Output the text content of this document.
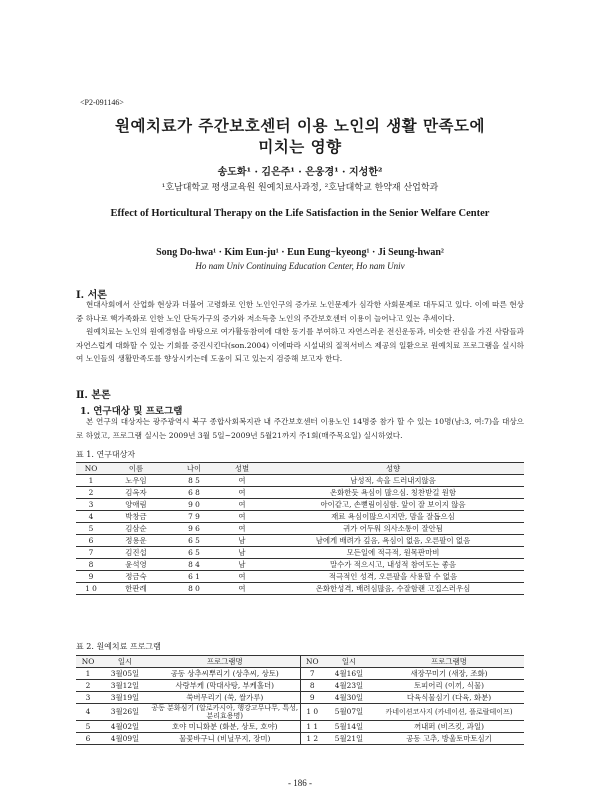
<P2-091146>
원예치료가 주간보호센터 이용 노인의 생활 만족도에
미치는 영향
송도화¹ · 김은주¹ · 은웅경¹ · 지성한²
¹호남대학교 평생교육원 원예치료사과정, ²호남대학교 한약재 산업학과
Effect of Horticultural Therapy on the Life Satisfaction in the Senior Welfare Center
Song Do-hwa¹ · Kim Eun-ju¹ · Eun Eung−kyeong¹ · Ji Seung-hwan²
Ho nam Univ Continuing Education Center, Ho nam Univ
Ⅰ. 서론

현대사회에서 산업화 현상과 더불어 고령화로 인한 노인인구의 증가로 노인문제가 심각한 사회문제로 대두되고 있다. 이에 따른 현상중 하나로 핵가족화로 인한 노인 단독가구의 증가와 저소득층 노인의 주간보호센터 이용이 늘어나고 있는 추세이다.

원예치료는 노인의 원예경험을 바탕으로 여가활동참여에 대한 동기를 부여하고 자연스러운 전신운동과, 비슷한 관심을 가진 사람들과 자연스럽게 대화할 수 있는 기회를 증진시킨다(son.2004) 이에따라 시설내의 질적서비스 제공의 일환으로 원예치료 프로그램을 실시하여 노인들의 생활만족도를 향상시키는데 도움이 되고 있는지 검증해 보고자 한다.

Ⅱ. 본론
1. 연구대상 및 프로그램

본 연구의 대상자는 광주광역시 북구 종합사회복지관 내 주간보호센터 이용노인 14명중 참가 할 수 있는 10명(남:3, 여:7)을 대상으로 하였고, 프로그램 실시는 2009년 3월 5일~2009년 5월21까지 주1회(매주목요일) 실시하였다.

표 1. 연구대상자
NO	이름	나이	성별	성향
1	노우임	8 5	여	남성적, 속을 드러내지않음
2	김옥자	6 8	여	온화한듯 욕심이 많으심. 칭찬받길 원함
3	양애림	9 0	여	아이같고, 손뻗림이심함. 앞이 잘 보이지 않음
4	박창금	7 9	여	재료 욕심이많으시지만, 맘을 잘돕으심
5	김삼순	9 6	여	귀가 어두워 의사소통이 잘안됨
6	정용운	6 5	남	남에게 배려가 깊음, 욕심이 없음, 오른팔이 없음
7	김진섭	6 5	남	모든일에 적극적, 원목판마비
8	윤석영	8 4	남	말수가 적으시고, 내성적 참여도는 좋음
9	정금숙	6 1	여	적극적인 성격, 오른팔을 사용할 수 없음
1 0	한판례	8 0	여	온화한성격, 배려심많음, 수잘함랜 고집스러우심
표 2. 원예치료 프로그램
NO	일시	프로그램명	NO	일시	프로그램명
1	3월05일	공동 상추씨뿌리기 (상추씨, 상토)	7	4월16일	새장꾸미기 (새장, 조화)
2	3월12일	사랑부케 (막대사탕, 부케홀더)	8	4월23일	토피어리 (이끼, 식물)
3	3월19일	쑥버무리기 (쑥, 쌀가루)	9	4월30일	다육식물심기 (다육, 화분)
4	3월26일	공동 분화심기 (알로카시아, 행강고무나무, 특성, 분리효용명)	1 0	5월07일	카네이션코사지 (카네이션, 플로랄테이프)
5	4월02일	호야 미니화분 (화분, 상토, 호야)	1 1	5월14일	꺼내퍼 (비즈킷, 과일)
6	4월09일	물꽃바구니 (비닐무지, 장미)	1 2	5월21일	공동 고추, 방울토마토심기
- 186 -
